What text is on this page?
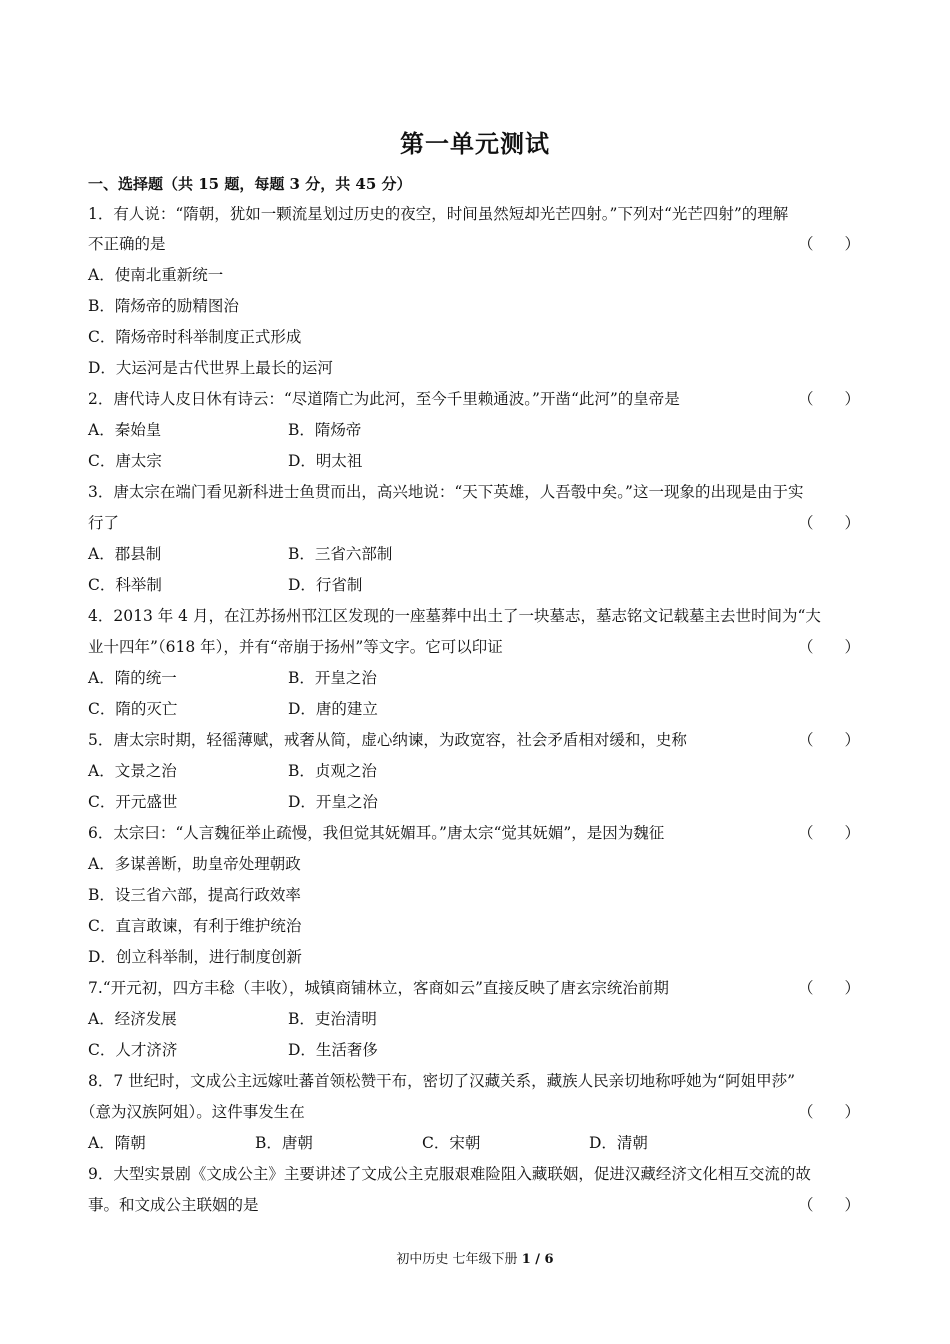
第一单元测试
一、选择题（共 15 题，每题 3 分，共 45 分）
1．有人说：“隋朝，犹如一颗流星划过历史的夜空，时间虽然短却光芒四射。”下列对“光芒四射”的理解
不正确的是	（　　）
A．使南北重新统一
B．隋炀帝的励精图治
C．隋炀帝时科举制度正式形成
D．大运河是古代世界上最长的运河
2．唐代诗人皮日休有诗云：“尽道隋亡为此河，至今千里赖通波。”开凿“此河”的皇帝是	（　　）
A．秦始皇	B．隋炀帝
C．唐太宗	D．明太祖
3．唐太宗在端门看见新科进士鱼贯而出，高兴地说：“天下英雄，人吾彀中矣。”这一现象的出现是由于实
行了	（　　）
A．郡县制	B．三省六部制
C．科举制	D．行省制
4．2013 年 4 月，在江苏扬州邗江区发现的一座墓葬中出土了一块墓志，墓志铭文记载墓主去世时间为“大
业十四年”（618 年），并有“帝崩于扬州”等文字。它可以印证	（　　）
A．隋的统一	B．开皇之治
C．隋的灭亡	D．唐的建立
5．唐太宗时期，轻徭薄赋，戒奢从简，虚心纳谏，为政宽容，社会矛盾相对缓和，史称	（　　）
A．文景之治	B．贞观之治
C．开元盛世	D．开皇之治
6．太宗曰：“人言魏征举止疏慢，我但觉其妩媚耳。”唐太宗“觉其妩媚”，是因为魏征	（　　）
A．多谋善断，助皇帝处理朝政
B．设三省六部，提高行政效率
C．直言敢谏，有利于维护统治
D．创立科举制，进行制度创新
7.“开元初，四方丰稔（丰收），城镇商铺林立，客商如云”直接反映了唐玄宗统治前期	（　　）
A．经济发展	B．吏治清明
C．人才济济	D．生活奢侈
8．7 世纪时，文成公主远嫁吐蕃首领松赞干布，密切了汉藏关系，藏族人民亲切地称呼她为“阿姐甲莎”
（意为汉族阿姐）。这件事发生在	（　　）
A．隋朝	B．唐朝	C．宋朝	D．清朝
9．大型实景剧《文成公主》主要讲述了文成公主克服艰难险阻入藏联姻，促进汉藏经济文化相互交流的故
事。和文成公主联姻的是	（　　）
初中历史 七年级下册 1 / 6
